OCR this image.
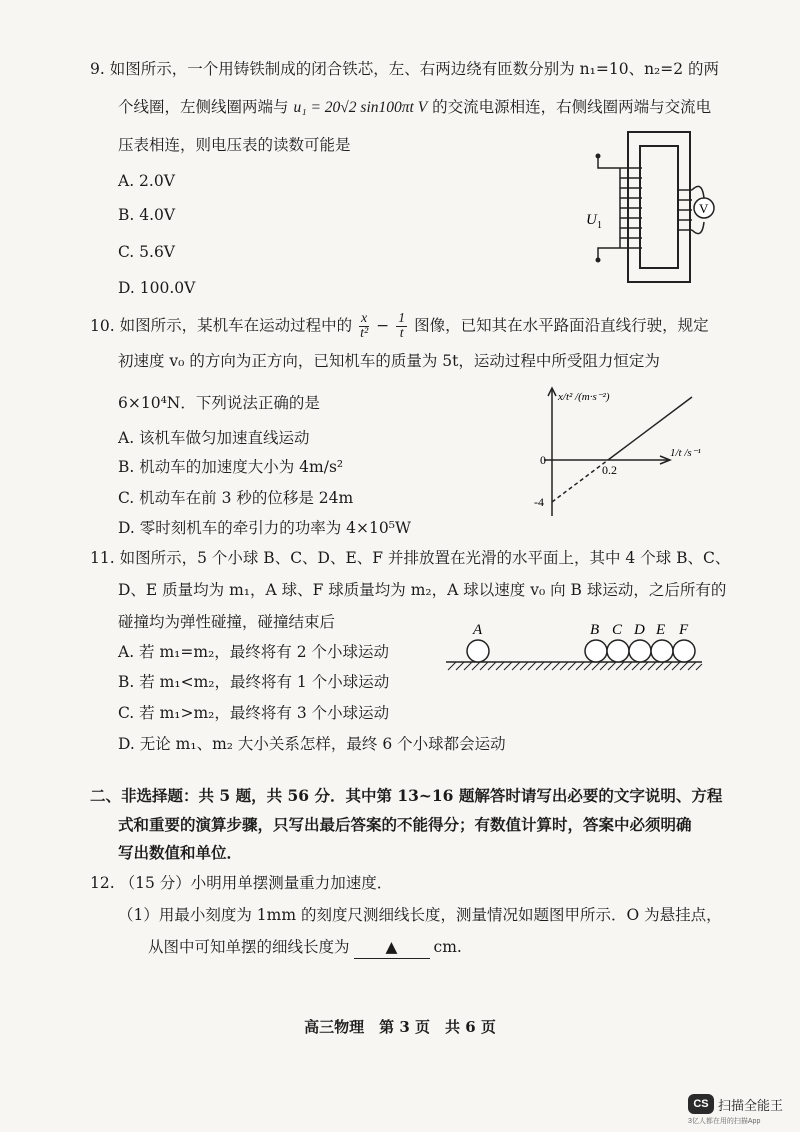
9. 如图所示，一个用铸铁制成的闭合铁芯，左、右两边绕有匝数分别为 n₁=10、n₂=2 的两
个线圈，左侧线圈两端与 u₁ = 20√2 sin100πt V 的交流电源相连，右侧线圈两端与交流电
压表相连，则电压表的读数可能是
A. 2.0V
B. 4.0V
C. 5.6V
D. 100.0V
U 1
V
10. 如图所示，某机车在运动过程中的 $\frac{x}{\text{t²}} - \frac{1}{t}$ 图像，已知其在水平路面沿直线行驶，规定
初速度 v₀ 的方向为正方向，已知机车的质量为 5t，运动过程中所受阻力恒定为
6×10⁴N．下列说法正确的是
A. 该机车做匀加速直线运动
B. 机动车的加速度大小为 4m/s²
C. 机动车在前 3 秒的位移是 24m
D. 零时刻机车的牵引力的功率为 4×10⁵W
x/t² /(m·s⁻²)
1/t /s⁻¹
0
0.2
-4
11. 如图所示，5 个小球 B、C、D、E、F 并排放置在光滑的水平面上，其中 4 个球 B、C、
D、E 质量均为 m₁，A 球、F 球质量均为 m₂，A 球以速度 v₀ 向 B 球运动，之后所有的
碰撞均为弹性碰撞，碰撞结束后
A. 若 m₁=m₂，最终将有 2 个小球运动
B. 若 m₁<m₂，最终将有 1 个小球运动
C. 若 m₁>m₂，最终将有 3 个小球运动
D. 无论 m₁、m₂ 大小关系怎样，最终 6 个小球都会运动
A	B C D E F
二、非选择题：共 5 题，共 56 分．其中第 13~16 题解答时请写出必要的文字说明、方程
式和重要的演算步骤，只写出最后答案的不能得分；有数值计算时，答案中必须明确
写出数值和单位．
12. （15 分）小明用单摆测量重力加速度．
（1）用最小刻度为 1mm 的刻度尺测细线长度，测量情况如题图甲所示．O 为悬挂点，
从图中可知单摆的细线长度为 ▲ cm.
高三物理　第 3 页　共 6 页
CS 扫描全能王
3亿人都在用的扫描App
